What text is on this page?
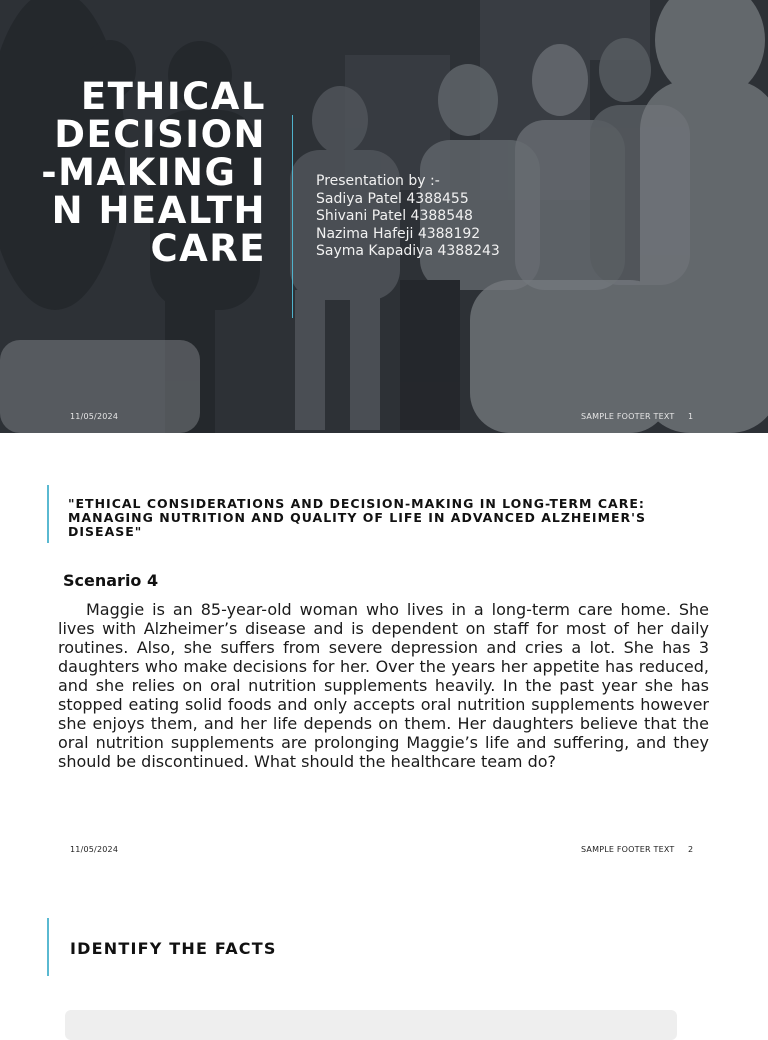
ETHICAL DECISION-MAKING IN HEALTHCARE
Presentation by :-
Sadiya Patel 4388455
Shivani Patel 4388548
Nazima Hafeji 4388192
Sayma Kapadiya 4388243
11/05/2024	SAMPLE FOOTER TEXT 1
"ETHICAL CONSIDERATIONS AND DECISION-MAKING IN LONG-TERM CARE: MANAGING NUTRITION AND QUALITY OF LIFE IN ADVANCED ALZHEIMER'S DISEASE"
Scenario 4
Maggie is an 85-year-old woman who lives in a long-term care home. She lives with Alzheimer’s disease and is dependent on staff for most of her daily routines. Also, she suffers from severe depression and cries a lot. She has 3 daughters who make decisions for her. Over the years her appetite has reduced, and she relies on oral nutrition supplements heavily. In the past year she has stopped eating solid foods and only accepts oral nutrition supplements however she enjoys them, and her life depends on them. Her daughters believe that the oral nutrition supplements are prolonging Maggie’s life and suffering, and they should be discontinued. What should the healthcare team do?
11/05/2024	SAMPLE FOOTER TEXT 2
IDENTIFY THE FACTS
